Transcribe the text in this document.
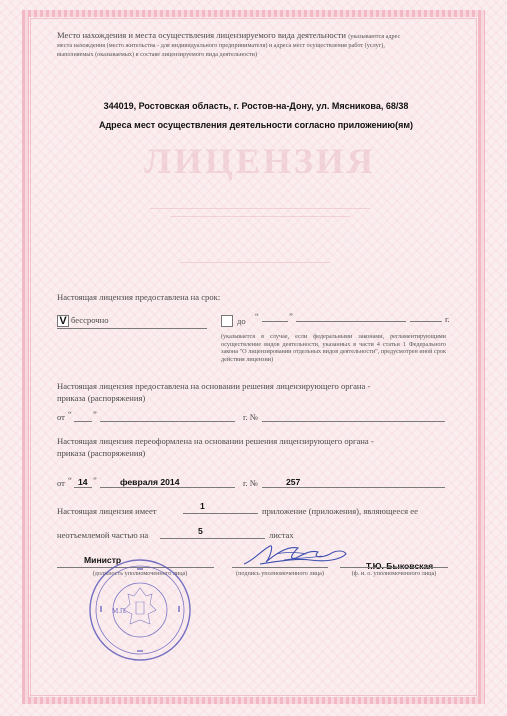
ЛИЦЕНЗИЯ
Место нахождения и места осуществления лицензируемого вида деятельности (указываются адрес
места нахождения (место жительства - для индивидуального предпринимателя) и адреса мест осуществления работ (услуг),
выполняемых (оказываемых) в составе лицензируемого вида деятельности)
344019, Ростовская область, г. Ростов-на-Дону, ул. Мясникова, 68/38
Адреса мест осуществления деятельности согласно приложению(ям)
Настоящая лицензия предоставлена на срок:
V бессрочно	до “	”	г.
(указывается в случае, если федеральными законами, регламентирующими осуществление видов деятельности, указанных в части 4 статьи 1 Федерального закона "О лицензировании отдельных видов деятельности", предусмотрен иной срок действия лицензии)
Настоящая лицензия предоставлена на основании решения лицензирующего органа -
приказа (распоряжения)
от “ ”	г. №
Настоящая лицензия переоформлена на основании решения лицензирующего органа -
приказа (распоряжения)
от “ 14 ”	февраля 2014	г. №	257
Настоящая лицензия имеет	1	приложение (приложения), являющееся ее
неотъемлемой частью на	5	листах
Министр
(должность уполномоченного лица)	(подпись уполномоченного лица)
Т.Ю. Быковская
(ф. и. о. уполномоченного лица)
М.П.
